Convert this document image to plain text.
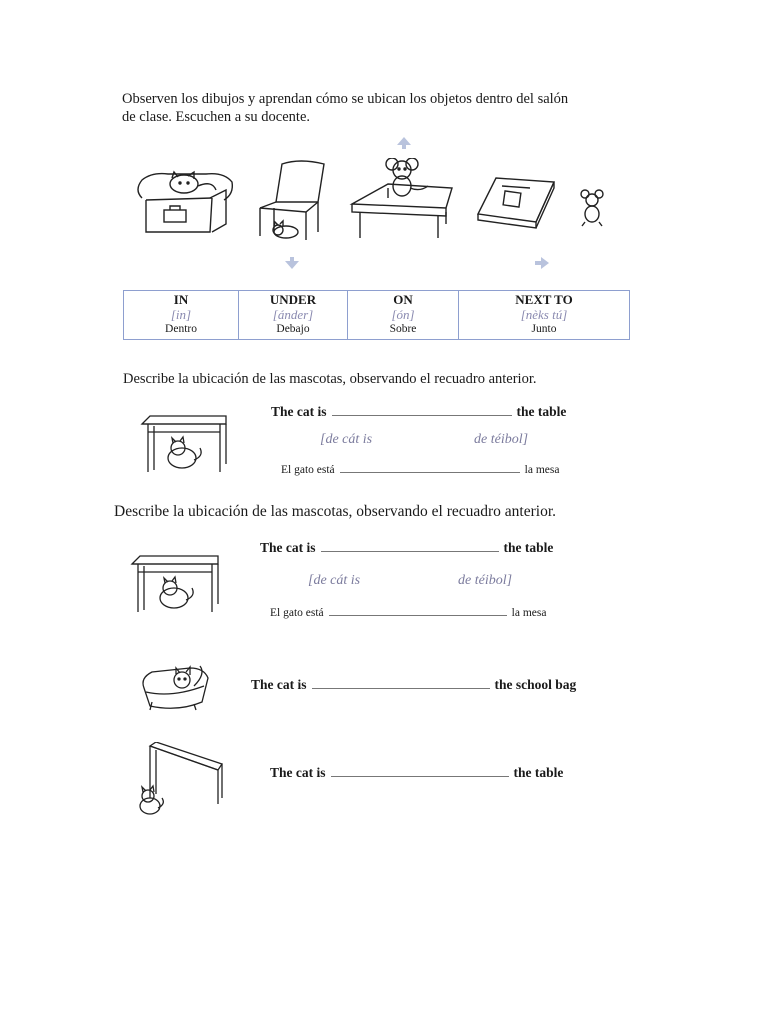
Observen los dibujos y aprendan cómo se ubican los objetos dentro del salón
de clase. Escuchen a su docente.
IN
[in]
Dentro

UNDER
[ánder]
Debajo

ON
[ón]
Sobre

NEXT TO
[nèks tú]
Junto
Describe la ubicación de las mascotas, observando el recuadro anterior.
The cat is	the table
[de cát is	de téibol]
El gato está	la mesa
Describe la ubicación de las mascotas, observando el recuadro anterior.
The cat is	the table
[de cát is	de téibol]
El gato está	la mesa
The cat is	the school bag
The cat is	the table
